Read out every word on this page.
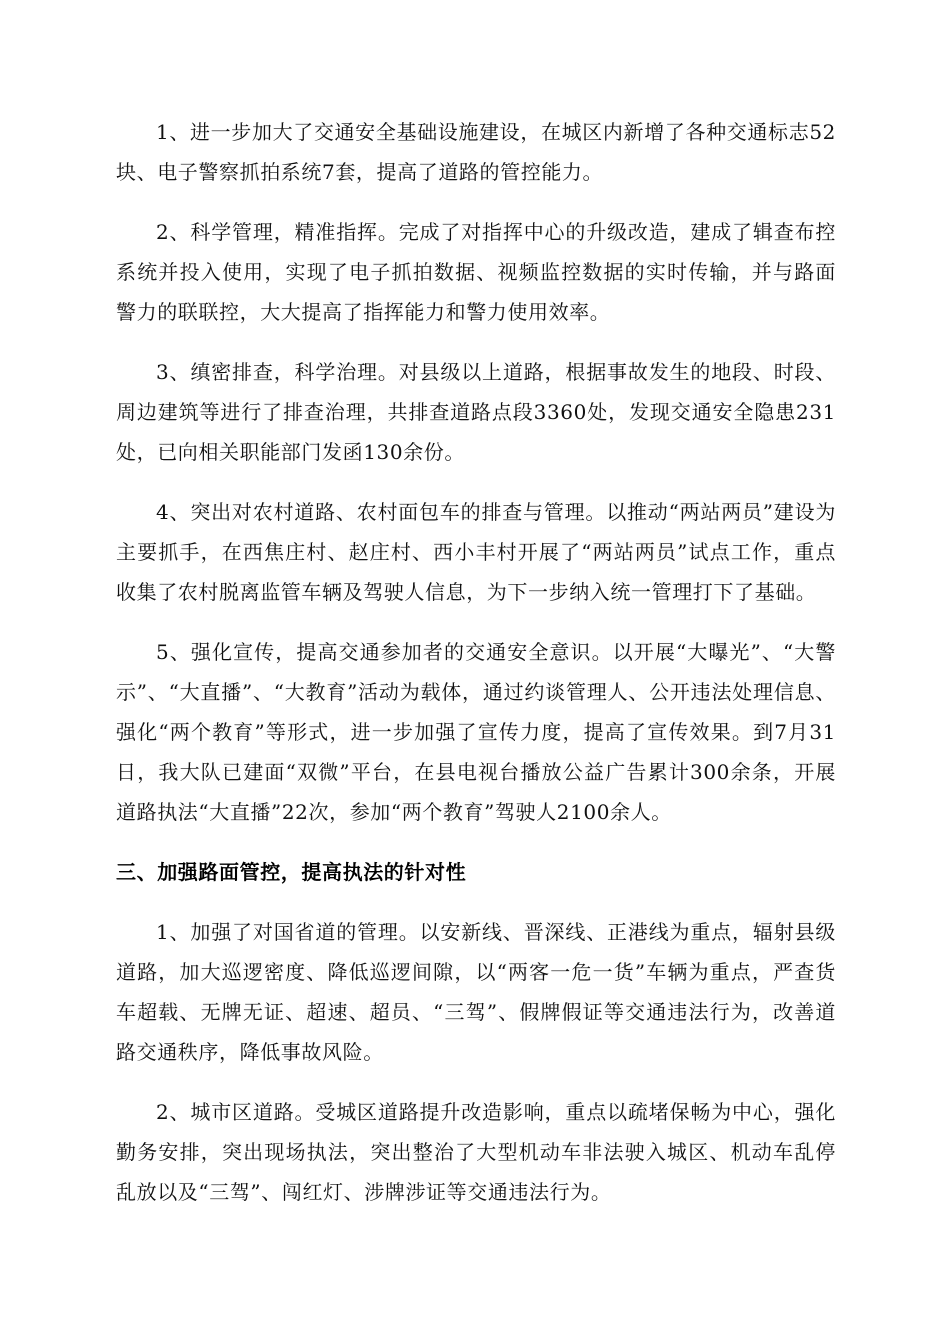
1、进一步加大了交通安全基础设施建设，在城区内新增了各种交通标志52块、电子警察抓拍系统7套，提高了道路的管控能力。

2、科学管理，精准指挥。完成了对指挥中心的升级改造，建成了辑查布控系统并投入使用，实现了电子抓拍数据、视频监控数据的实时传输，并与路面警力的联联控，大大提高了指挥能力和警力使用效率。

3、缜密排查，科学治理。对县级以上道路，根据事故发生的地段、时段、周边建筑等进行了排查治理，共排查道路点段3360处，发现交通安全隐患231处，已向相关职能部门发函130余份。

4、突出对农村道路、农村面包车的排查与管理。以推动“两站两员”建设为主要抓手，在西焦庄村、赵庄村、西小丰村开展了“两站两员”试点工作，重点收集了农村脱离监管车辆及驾驶人信息，为下一步纳入统一管理打下了基础。

5、强化宣传，提高交通参加者的交通安全意识。以开展“大曝光”、“大警示”、“大直播”、“大教育”活动为载体，通过约谈管理人、公开违法处理信息、强化“两个教育”等形式，进一步加强了宣传力度，提高了宣传效果。到7月31日，我大队已建面“双微”平台，在县电视台播放公益广告累计300余条，开展道路执法“大直播”22次，参加“两个教育”驾驶人2100余人。

三、加强路面管控，提高执法的针对性

1、加强了对国省道的管理。以安新线、晋深线、正港线为重点，辐射县级道路，加大巡逻密度、降低巡逻间隙，以“两客一危一货”车辆为重点，严查货车超载、无牌无证、超速、超员、“三驾”、假牌假证等交通违法行为，改善道路交通秩序，降低事故风险。

2、城市区道路。受城区道路提升改造影响，重点以疏堵保畅为中心，强化勤务安排，突出现场执法，突出整治了大型机动车非法驶入城区、机动车乱停乱放以及“三驾”、闯红灯、涉牌涉证等交通违法行为。
